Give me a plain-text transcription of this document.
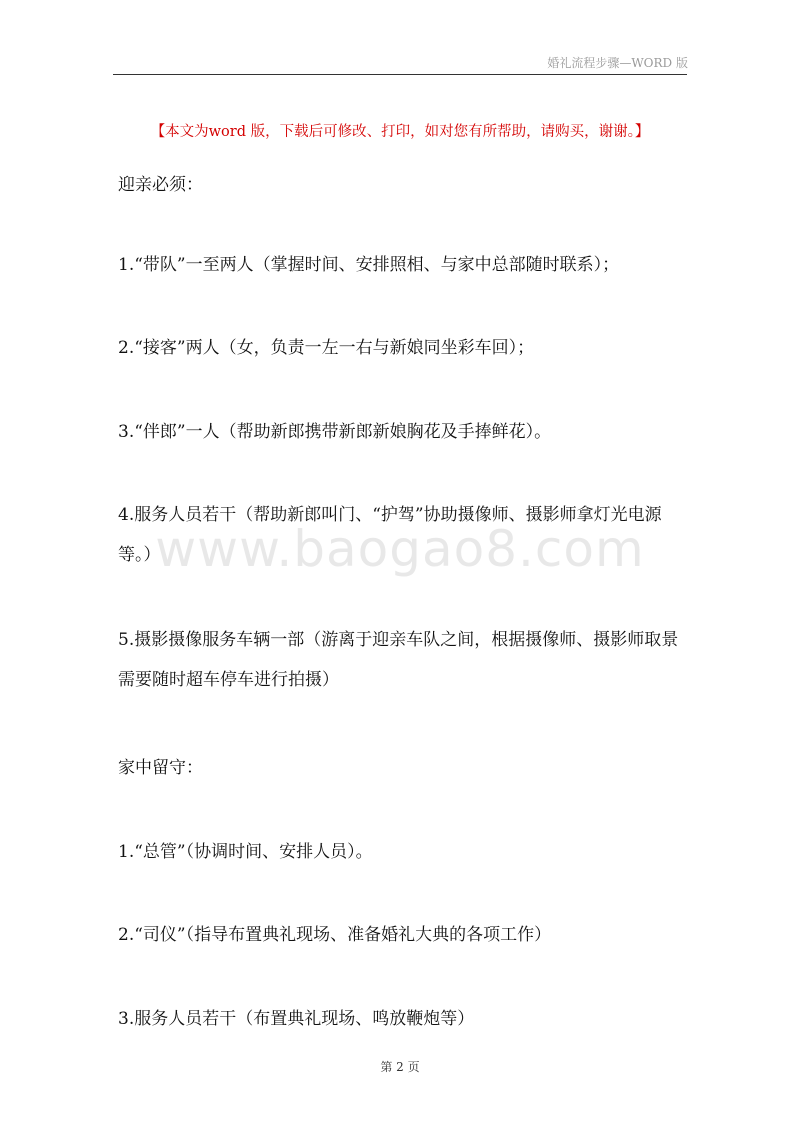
婚礼流程步骤—WORD 版
【本文为word 版，下载后可修改、打印，如对您有所帮助，请购买，谢谢。】
www.baogao8.com

迎亲必须：

1.“带队”一至两人（掌握时间、安排照相、与家中总部随时联系）；

2.“接客”两人（女，负责一左一右与新娘同坐彩车回）；

3.“伴郎”一人（帮助新郎携带新郎新娘胸花及手捧鲜花）。

4.服务人员若干（帮助新郎叫门、“护驾”协助摄像师、摄影师拿灯光电源等。）

5.摄影摄像服务车辆一部（游离于迎亲车队之间，根据摄像师、摄影师取景需要随时超车停车进行拍摄）

家中留守：

1.“总管”（协调时间、安排人员）。

2.“司仪”（指导布置典礼现场、准备婚礼大典的各项工作）

3.服务人员若干（布置典礼现场、鸣放鞭炮等）

第 2 页
